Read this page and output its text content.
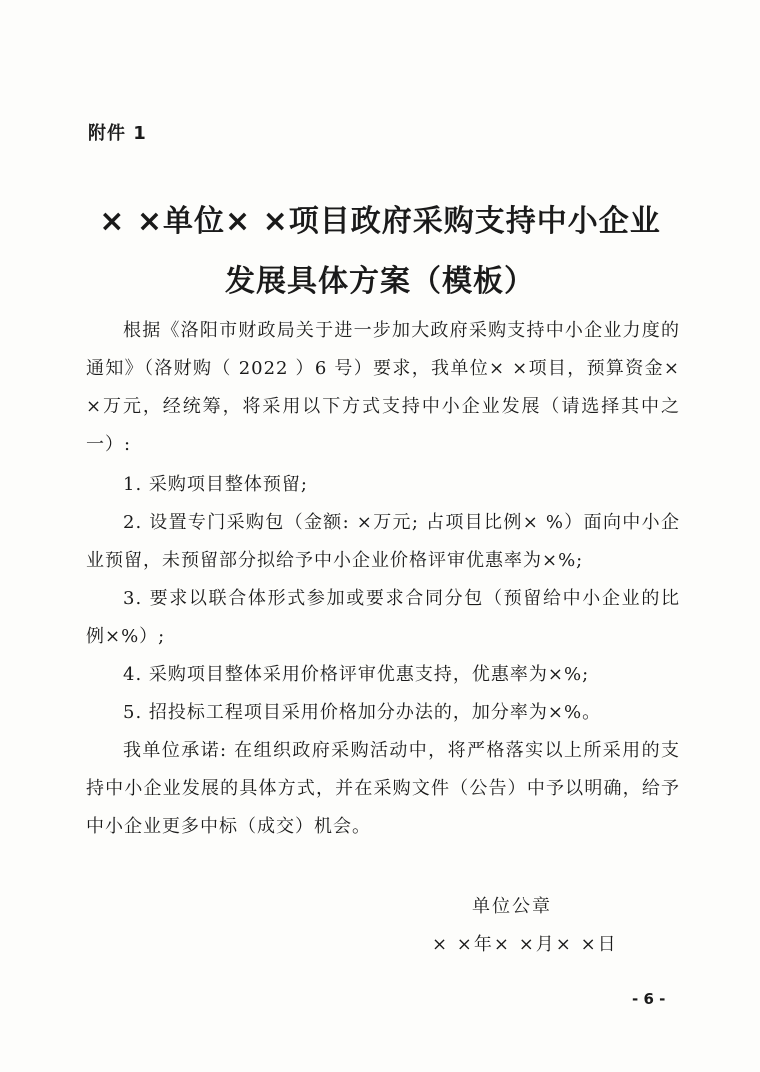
附件 1
× ×单位× ×项目政府采购支持中小企业
发展具体方案（模板）
根据《洛阳市财政局关于进一步加大政府采购支持中小企业力度的通知》（洛财购（ 2022 ）6 号）要求，我单位× ×项目，预算资金× ×万元，经统筹，将采用以下方式支持中小企业发展（请选择其中之一）:
1. 采购项目整体预留;
2. 设置专门采购包（金额: ×万元; 占项目比例× %）面向中小企业预留，未预留部分拟给予中小企业价格评审优惠率为×%;
3. 要求以联合体形式参加或要求合同分包（预留给中小企业的比例×%）;
4. 采购项目整体采用价格评审优惠支持，优惠率为×%;
5. 招投标工程项目采用价格加分办法的，加分率为×%。
我单位承诺: 在组织政府采购活动中，将严格落实以上所采用的支持中小企业发展的具体方式，并在采购文件（公告）中予以明确，给予中小企业更多中标（成交）机会。
单位公章
× ×年× ×月× ×日
- 6 -
